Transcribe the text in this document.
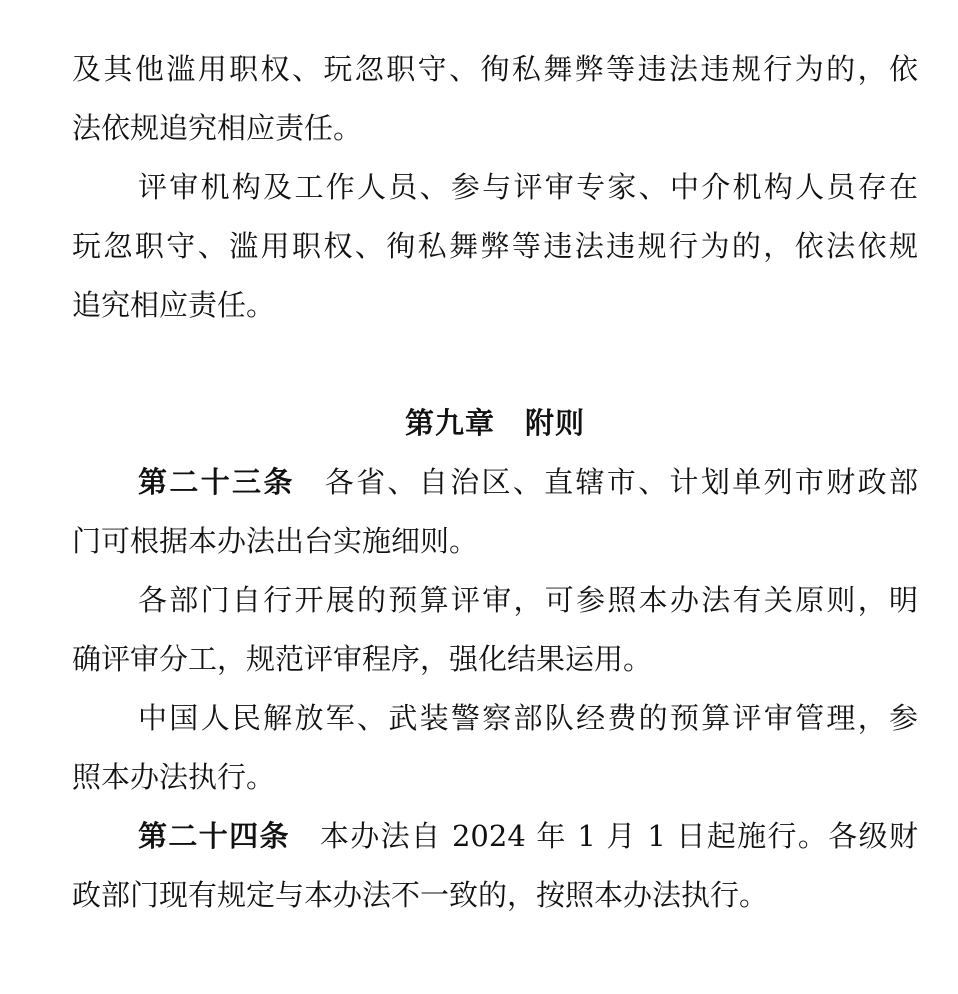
及其他滥用职权、玩忽职守、徇私舞弊等违法违规行为的，依
法依规追究相应责任。
评审机构及工作人员、参与评审专家、中介机构人员存在
玩忽职守、滥用职权、徇私舞弊等违法违规行为的，依法依规
追究相应责任。
第九章　附则
第二十三条 各省、自治区、直辖市、计划单列市财政部
门可根据本办法出台实施细则。
各部门自行开展的预算评审，可参照本办法有关原则，明
确评审分工，规范评审程序，强化结果运用。
中国人民解放军、武装警察部队经费的预算评审管理，参
照本办法执行。
第二十四条 本办法自 2024 年 1 月 1 日起施行。各级财
政部门现有规定与本办法不一致的，按照本办法执行。
